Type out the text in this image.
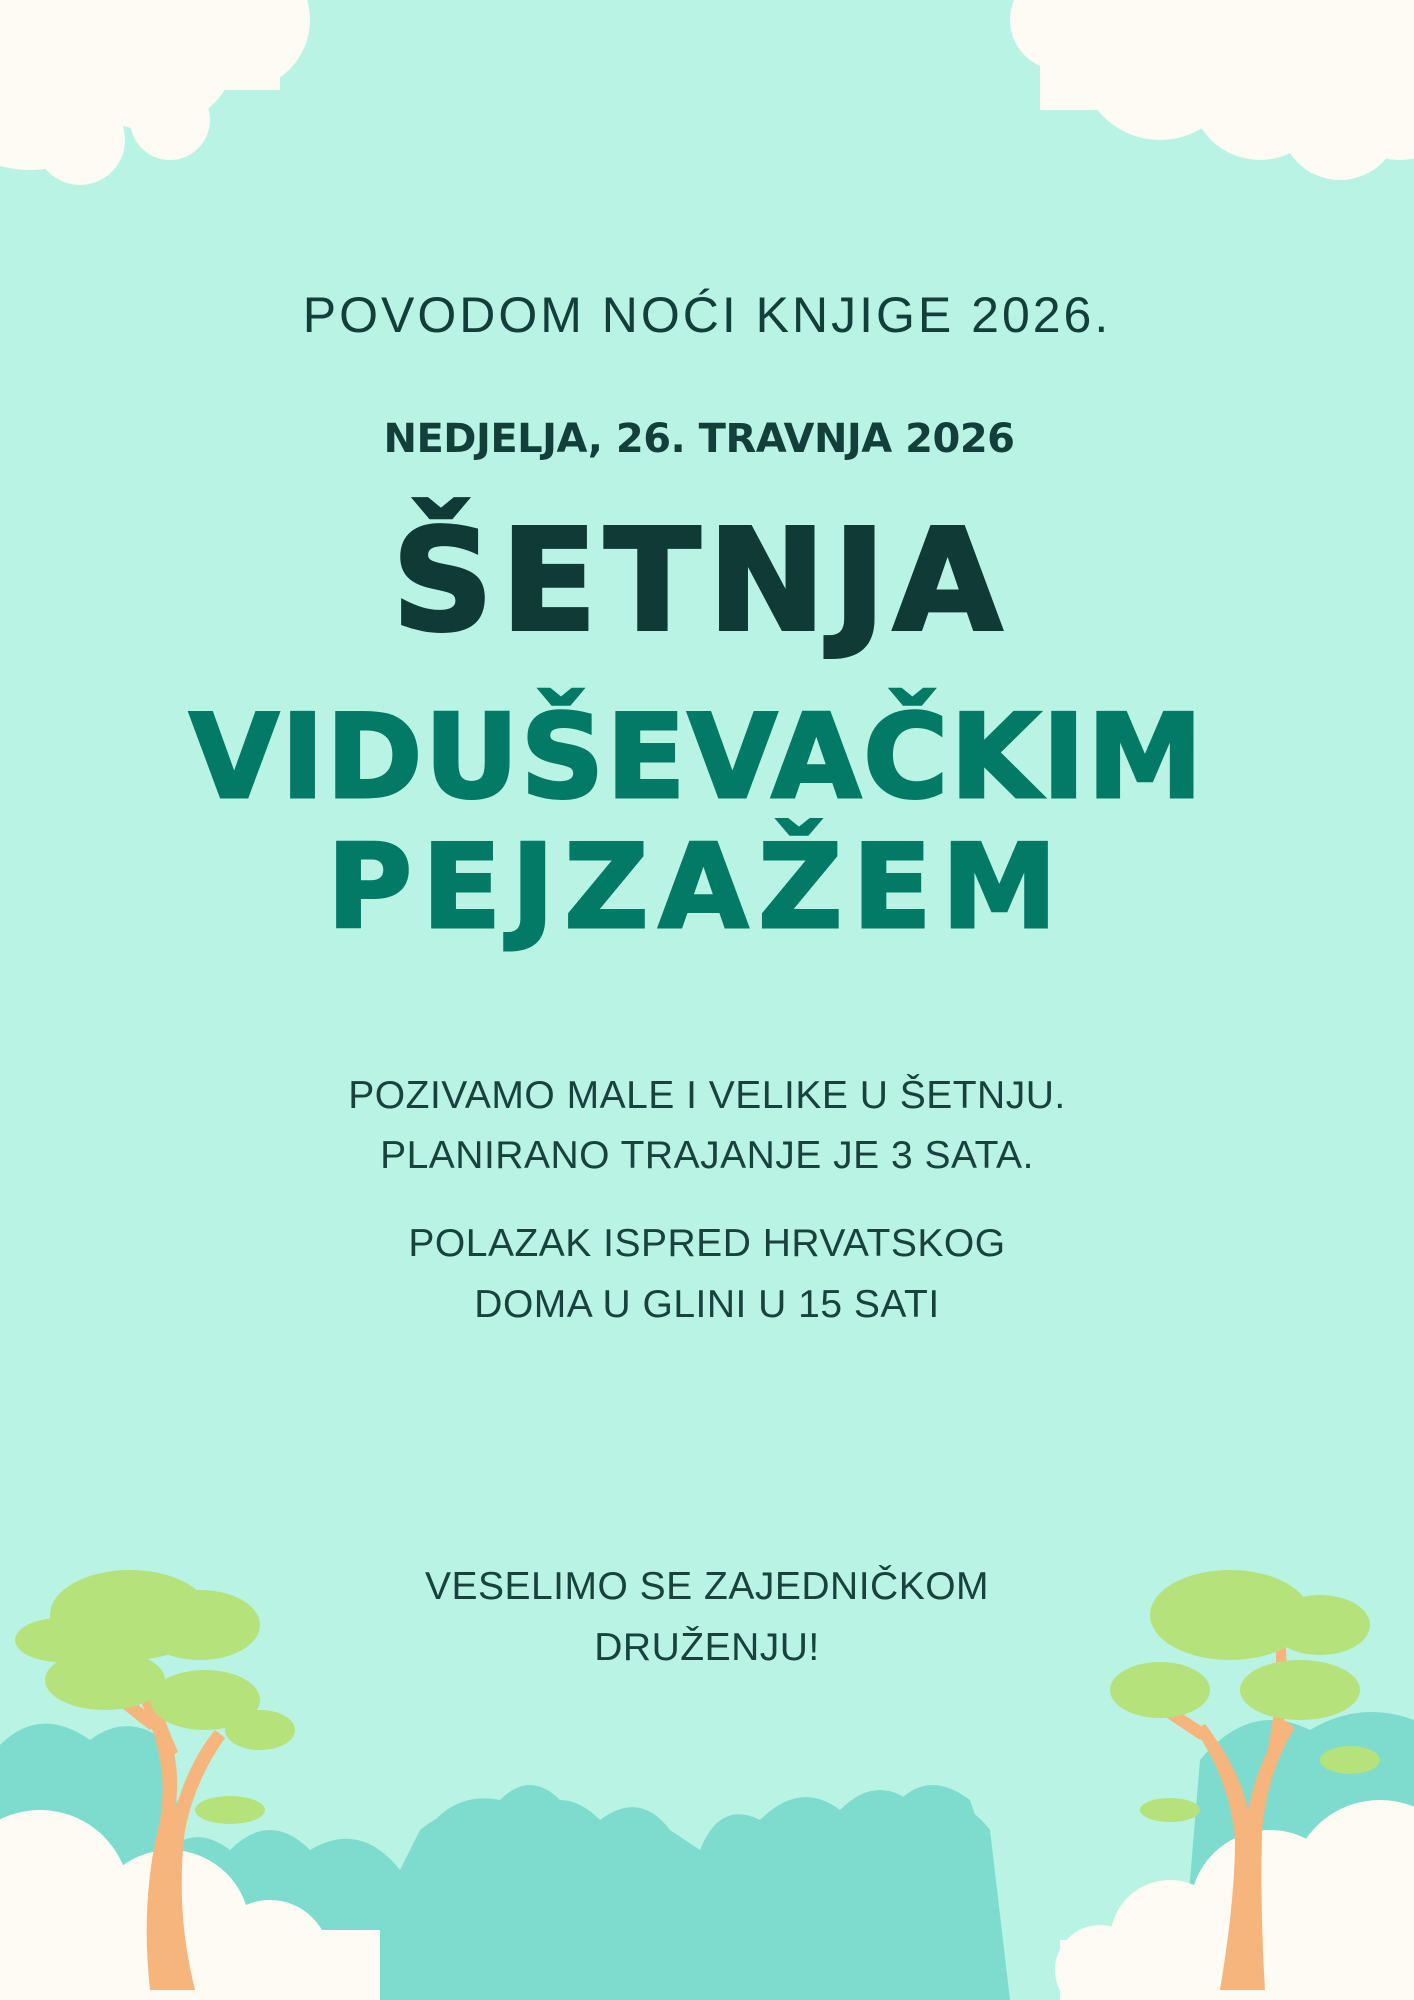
POVODOM NOĆI KNJIGE 2026.

NEDJELJA, 26. TRAVNJA 2026

ŠETNJA
VIDUŠEVAČKIM
PEJZAŽEM

POZIVAMO MALE I VELIKE U ŠETNJU.

PLANIRANO TRAJANJE JE 3 SATA.

POLAZAK ISPRED HRVATSKOG

DOMA U GLINI U 15 SATI

VESELIMO SE ZAJEDNIČKOM

DRUŽENJU!
